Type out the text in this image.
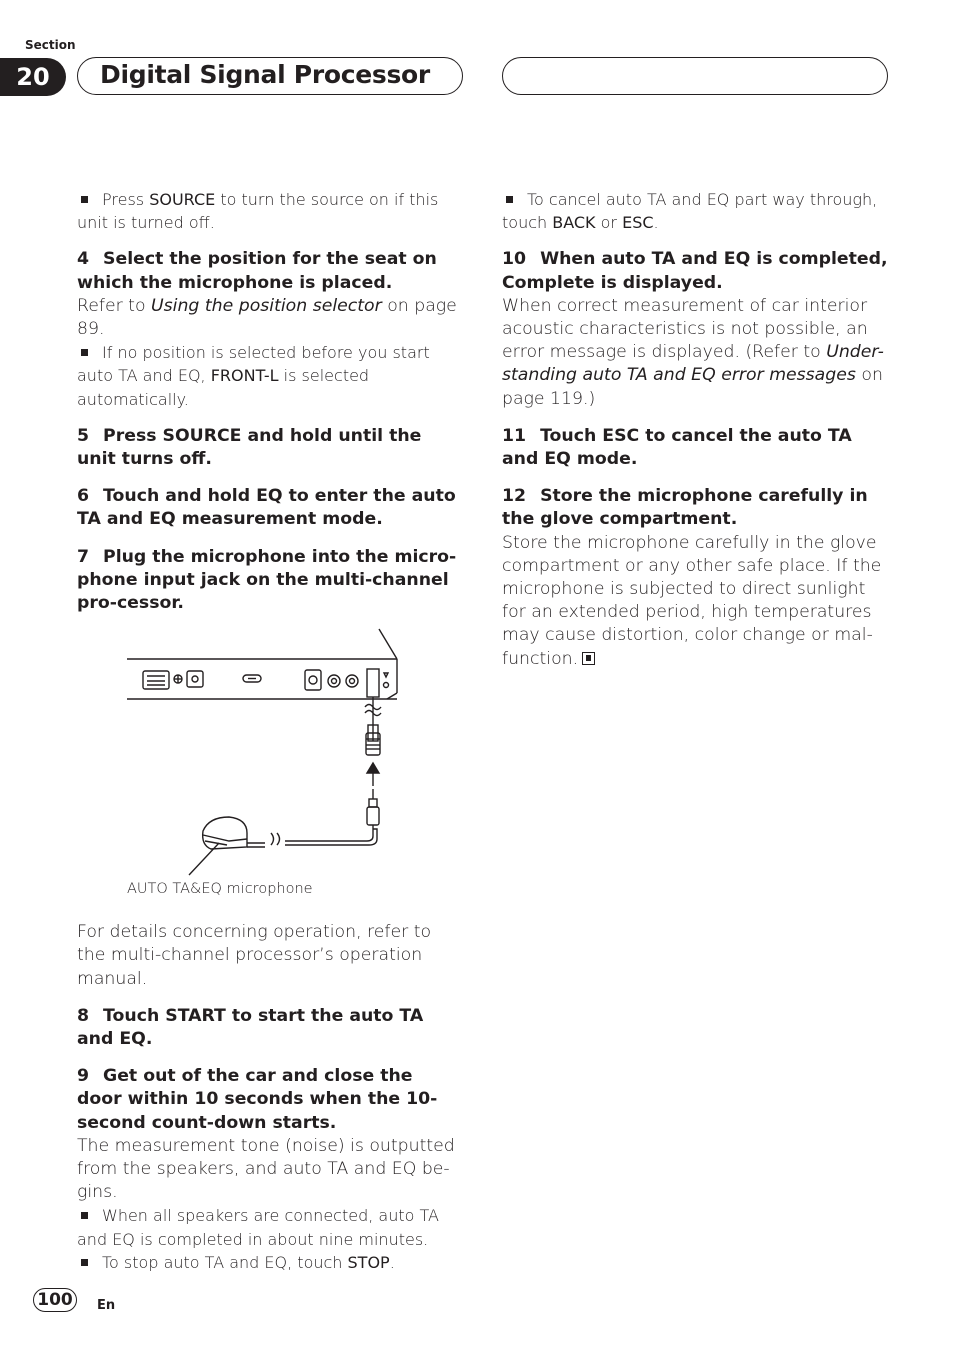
Section
20	Digital Signal Processor

Press SOURCE to turn the source on if this unit is turned off.

4 Select the position for the seat on which the microphone is placed.

Refer to Using the position selector on page 89.

If no position is selected before you start auto TA and EQ, FRONT-L is selected automatically.

5 Press SOURCE and hold until the unit turns off.

6 Touch and hold EQ to enter the auto TA and EQ measurement mode.

7 Plug the microphone into the micro-phone input jack on the multi-channel pro-cessor.

AUTO TA&EQ microphone

For details concerning operation, refer to the multi-channel processor’s operation manual.

8 Touch START to start the auto TA and EQ.

9 Get out of the car and close the door within 10 seconds when the 10-second count-down starts.

The measurement tone (noise) is outputted from the speakers, and auto TA and EQ be-gins.

When all speakers are connected, auto TA and EQ is completed in about nine minutes.

To stop auto TA and EQ, touch STOP.

To cancel auto TA and EQ part way through, touch BACK or ESC.

10 When auto TA and EQ is completed, Complete is displayed.

When correct measurement of car interior acoustic characteristics is not possible, an error message is displayed. (Refer to Under-standing auto TA and EQ error messages on page 119.)

11 Touch ESC to cancel the auto TA and EQ mode.

12 Store the microphone carefully in the glove compartment.

Store the microphone carefully in the glove compartment or any other safe place. If the microphone is subjected to direct sunlight for an extended period, high temperatures may cause distortion, color change or mal-function.

100	En
